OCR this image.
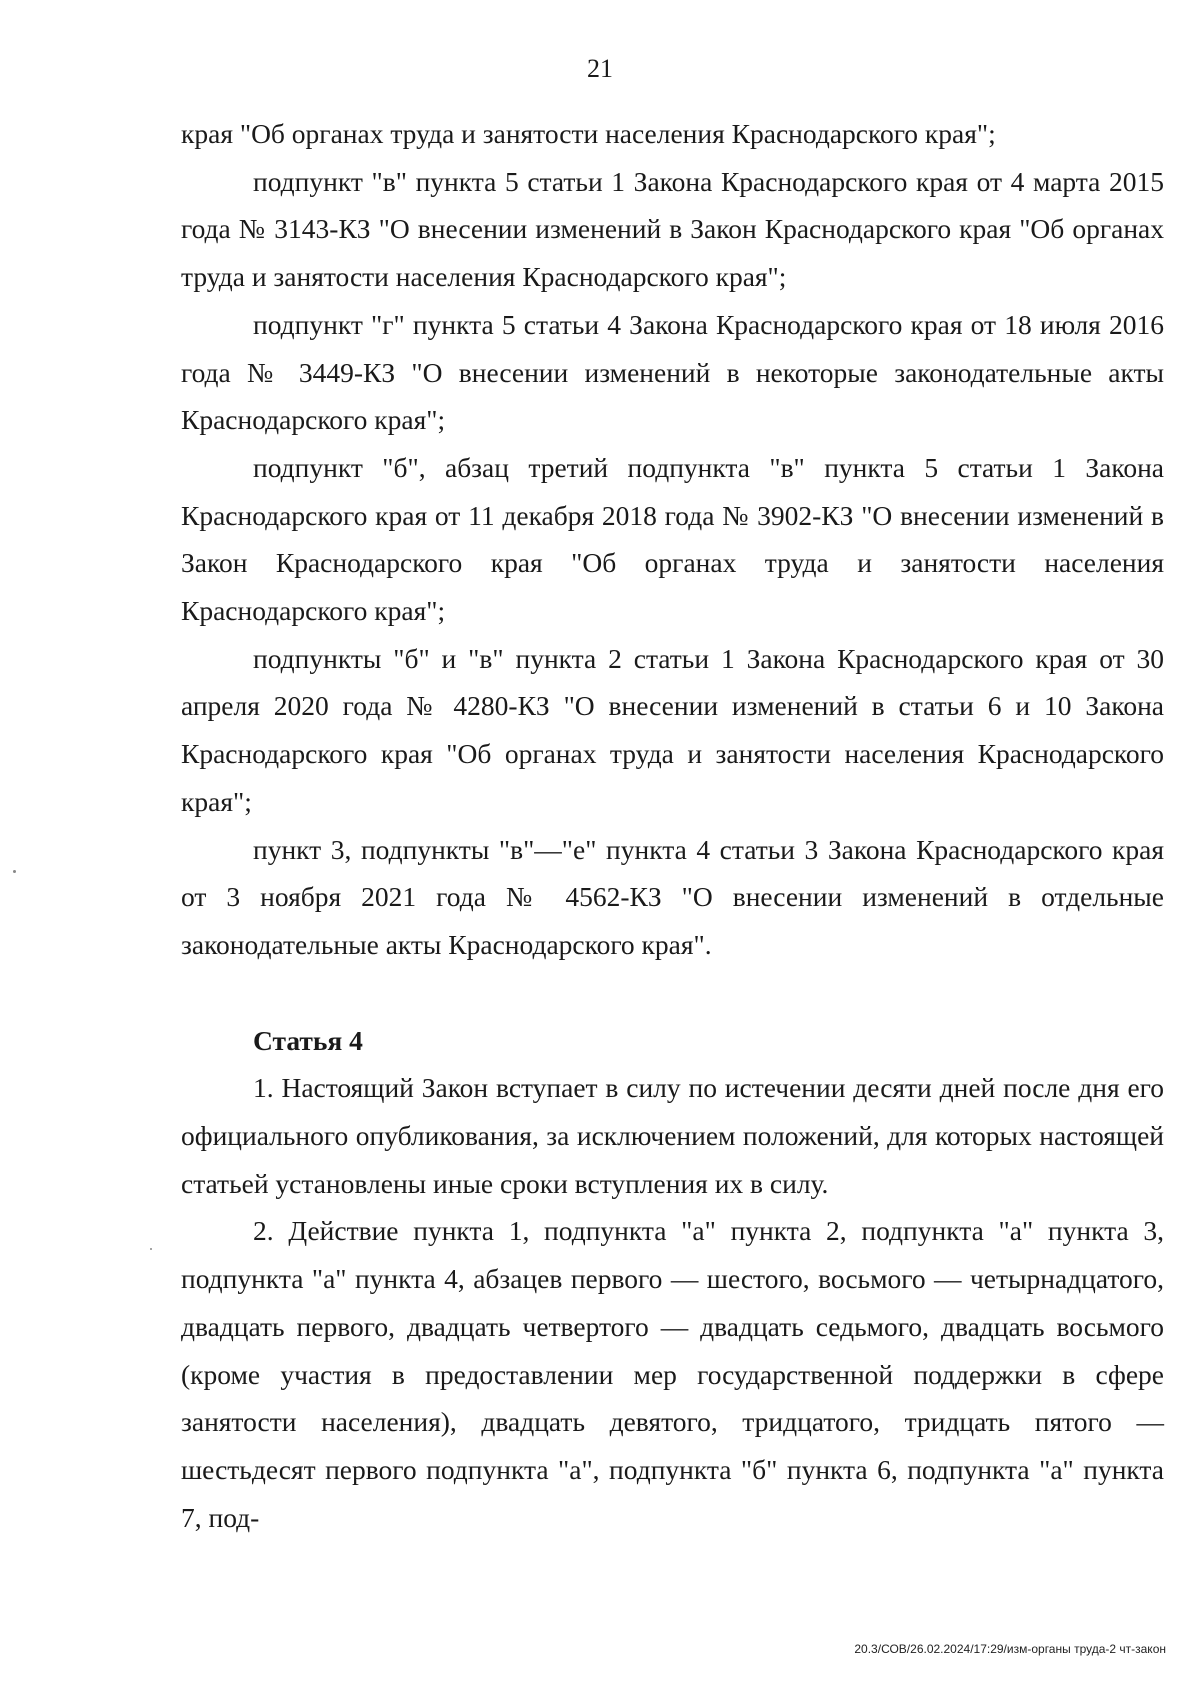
21

края "Об органах труда и занятости населения Краснодарского края";

подпункт "в" пункта 5 статьи 1 Закона Краснодарского края от 4 марта 2015 года № 3143-КЗ "О внесении изменений в Закон Краснодарского края "Об органах труда и занятости населения Краснодарского края";

подпункт "г" пункта 5 статьи 4 Закона Краснодарского края от 18 июля 2016 года № 3449-КЗ "О внесении изменений в некоторые законодательные акты Краснодарского края";

подпункт "б", абзац третий подпункта "в" пункта 5 статьи 1 Закона Краснодарского края от 11 декабря 2018 года № 3902-КЗ "О внесении изменений в Закон Краснодарского края "Об органах труда и занятости населения Краснодарского края";

подпункты "б" и "в" пункта 2 статьи 1 Закона Краснодарского края от 30 апреля 2020 года № 4280-КЗ "О внесении изменений в статьи 6 и 10 Закона Краснодарского края "Об органах труда и занятости населения Краснодарского края";

пункт 3, подпункты "в"—"е" пункта 4 статьи 3 Закона Краснодарского края от 3 ноября 2021 года № 4562-КЗ "О внесении изменений в отдельные законодательные акты Краснодарского края".

Статья 4

1. Настоящий Закон вступает в силу по истечении десяти дней после дня его официального опубликования, за исключением положений, для которых настоящей статьей установлены иные сроки вступления их в силу.

2. Действие пункта 1, подпункта "а" пункта 2, подпункта "а" пункта 3, подпункта "а" пункта 4, абзацев первого — шестого, восьмого — четырнадцатого, двадцать первого, двадцать четвертого — двадцать седьмого, двадцать восьмого (кроме участия в предоставлении мер государственной поддержки в сфере занятости населения), двадцать девятого, тридцатого, тридцать пятого — шестьдесят первого подпункта "а", подпункта "б" пункта 6, подпункта "а" пункта 7, под-

20.3/СОВ/26.02.2024/17:29/изм-органы труда-2 чт-закон
